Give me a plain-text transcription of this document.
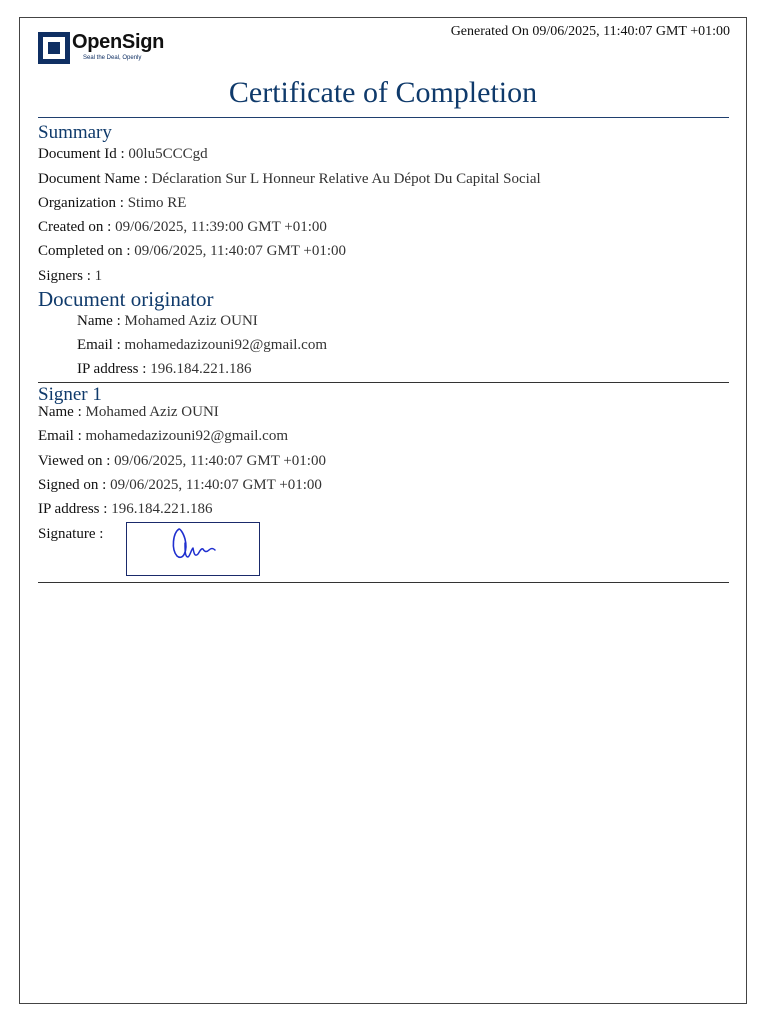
Generated On 09/06/2025, 11:40:07 GMT +01:00
OpenSign
Seal the Deal, Openly
Certificate of Completion
Summary
Document Id : 00lu5CCCgd
Document Name : Déclaration Sur L Honneur Relative Au Dépot Du Capital Social
Organization : Stimo RE
Created on : 09/06/2025, 11:39:00 GMT +01:00
Completed on : 09/06/2025, 11:40:07 GMT +01:00
Signers : 1
Document originator
Name : Mohamed Aziz OUNI
Email : mohamedazizouni92@gmail.com
IP address : 196.184.221.186
Signer 1
Name : Mohamed Aziz OUNI
Email : mohamedazizouni92@gmail.com
Viewed on : 09/06/2025, 11:40:07 GMT +01:00
Signed on : 09/06/2025, 11:40:07 GMT +01:00
IP address : 196.184.221.186
Signature :
